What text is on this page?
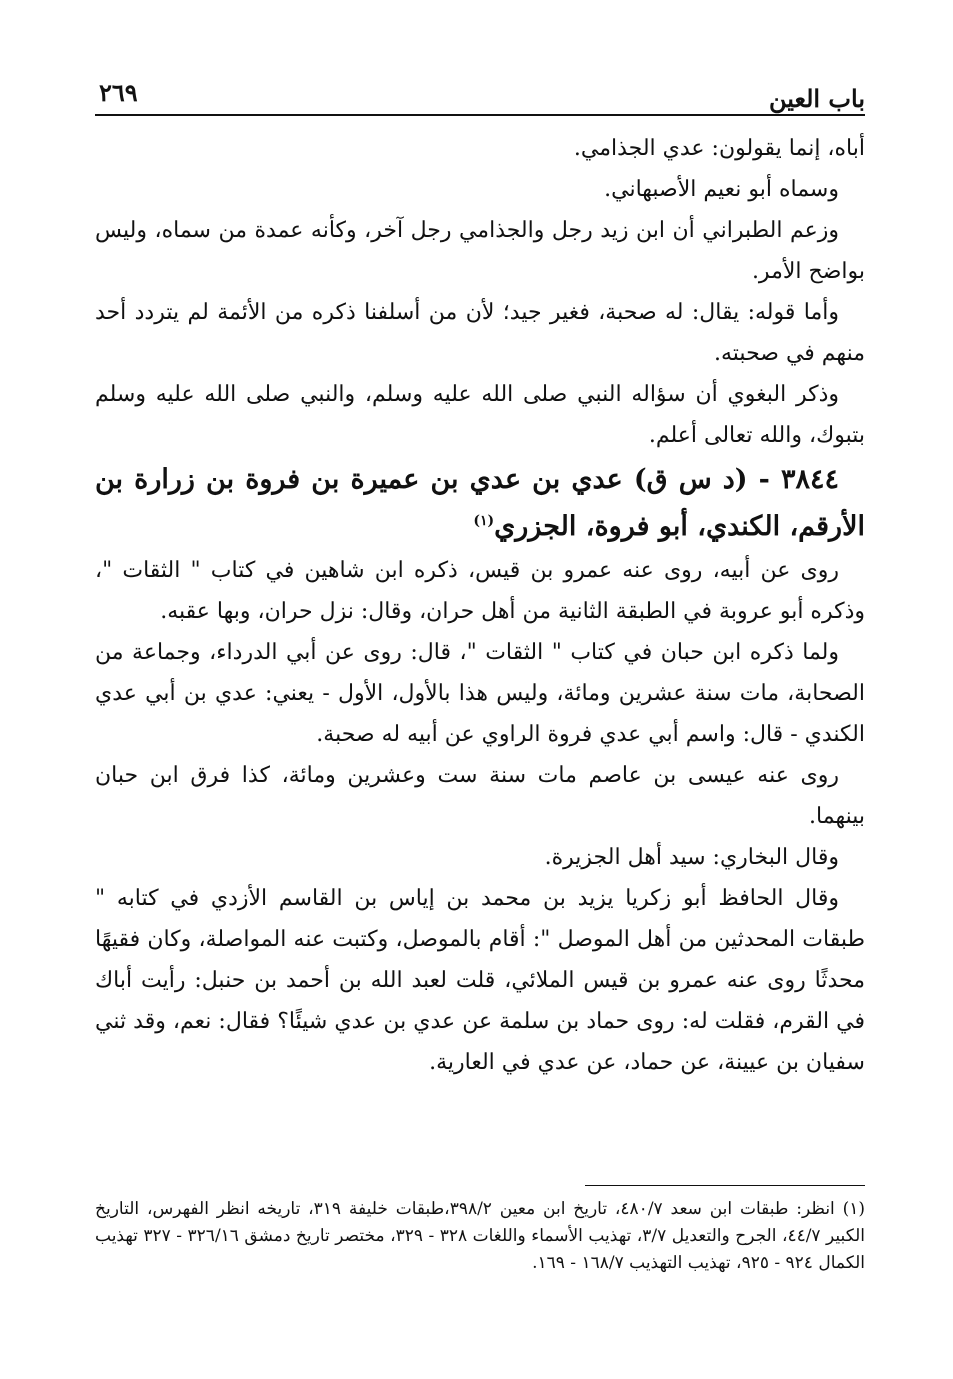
باب العين
٢٦٩

أباه، إنما يقولون: عدي الجذامي.

وسماه أبو نعيم الأصبهاني.

وزعم الطبراني أن ابن زيد رجل والجذامي رجل آخر، وكأنه عمدة من سماه، وليس بواضح الأمر.

وأما قوله: يقال: له صحبة، فغير جيد؛ لأن من أسلفنا ذكره من الأئمة لم يتردد أحد منهم في صحبته.

وذكر البغوي أن سؤاله النبي صلى الله عليه وسلم، والنبي صلى الله عليه وسلم بتبوك، والله تعالى أعلم.

٣٨٤٤ - (د س ق) عدي بن عدي بن عميرة بن فروة بن زرارة بن الأرقم، الكندي، أبو فروة، الجزري$^{(١)}$

روى عن أبيه، روى عنه عمرو بن قيس، ذكره ابن شاهين في كتاب " الثقات "، وذكره أبو عروبة في الطبقة الثانية من أهل حران، وقال: نزل حران، وبها عقبه.

ولما ذكره ابن حبان في كتاب " الثقات "، قال: روى عن أبي الدرداء، وجماعة من الصحابة، مات سنة عشرين ومائة، وليس هذا بالأول، الأول - يعني: عدي بن أبي عدي الكندي - قال: واسم أبي عدي فروة الراوي عن أبيه له صحبة.

روى عنه عيسى بن عاصم مات سنة ست وعشرين ومائة، كذا فرق ابن حبان بينهما.

وقال البخاري: سيد أهل الجزيرة.

وقال الحافظ أبو زكريا يزيد بن محمد بن إياس بن القاسم الأزدي في كتابه " طبقات المحدثين من أهل الموصل ": أقام بالموصل، وكتبت عنه المواصلة، وكان فقيهًا محدثًا روى عنه عمرو بن قيس الملائي، قلت لعبد الله بن أحمد بن حنبل: رأيت أباك في القرم، فقلت له: روى حماد بن سلمة عن عدي بن عدي شيئًا؟ فقال: نعم، وقد ثني سفيان بن عيينة، عن حماد، عن عدي في العارية.

(١) انظر: طبقات ابن سعد ٤٨٠/٧، تاريخ ابن معين ٣٩٨/٢،طبقات خليفة ٣١٩، تاريخه انظر الفهرس، التاريخ الكبير ٤٤/٧، الجرح والتعديل ٣/٧، تهذيب الأسماء واللغات ٣٢٨ - ٣٢٩، مختصر تاريخ دمشق ٣٢٦/١٦ - ٣٢٧ تهذيب الكمال ٩٢٤ - ٩٢٥، تهذيب التهذيب ١٦٨/٧ - ١٦٩.
